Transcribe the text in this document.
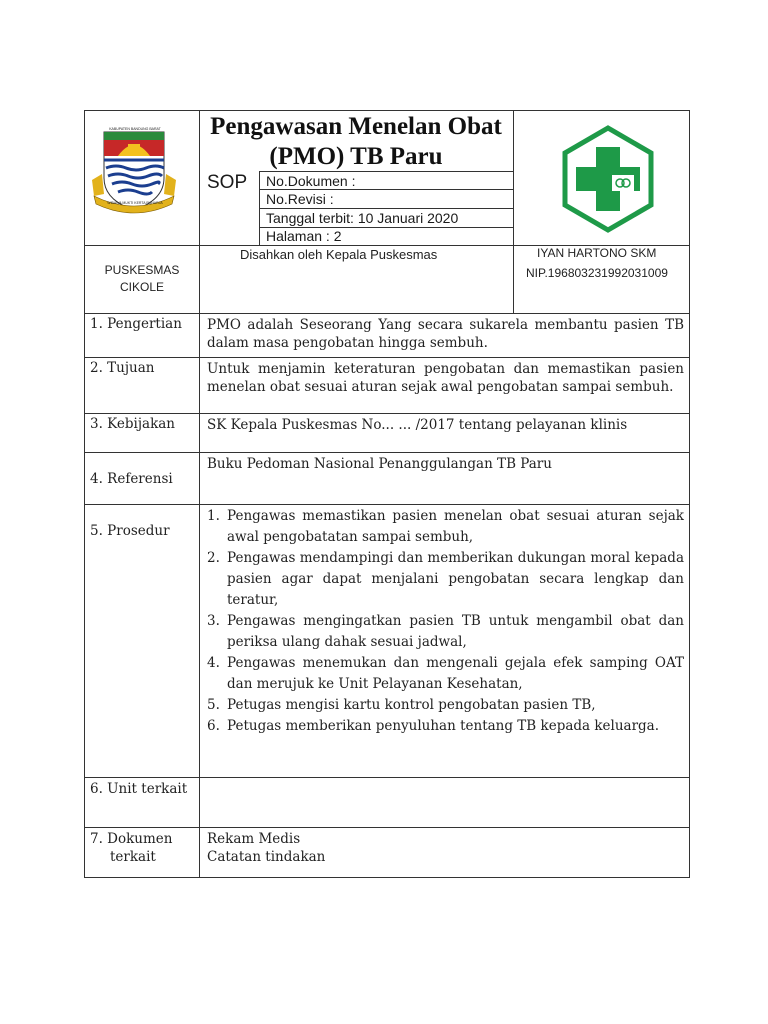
KABUPATEN BANDUNG BARAT
WIBAWA MUKTI KERTA RAHARJA
Pengawasan Menelan Obat
(PMO) TB Paru
SOP No.Dokumen :
No.Revisi :
Tanggal terbit: 10 Januari 2020
Halaman : 2
PUSKESMAS
CIKOLE
Disahkan oleh Kepala Puskesmas	IYAN HARTONO SKM
NIP.196803231992031009
1. Pengertian PMO adalah Seseorang Yang secara sukarela membantu pasien TB dalam masa pengobatan hingga sembuh.
2. Tujuan	Untuk menjamin keteraturan pengobatan dan memastikan pasien menelan obat sesuai aturan sejak awal pengobatan sampai sembuh.
3. Kebijakan SK Kepala Puskesmas No... ... /2017 tentang pelayanan klinis
4. Referensi
Buku Pedoman Nasional Penanggulangan TB Paru
5. Prosedur
1. Pengawas memastikan pasien menelan obat sesuai aturan sejak awal pengobatatan sampai sembuh,
2. Pengawas mendampingi dan memberikan dukungan moral kepada pasien agar dapat menjalani pengobatan secara lengkap dan teratur,
3. Pengawas mengingatkan pasien TB untuk mengambil obat dan periksa ulang dahak sesuai jadwal,
4. Pengawas menemukan dan mengenali gejala efek samping OAT dan merujuk ke Unit Pelayanan Kesehatan,
5. Petugas mengisi kartu kontrol pengobatan pasien TB,
6. Petugas memberikan penyuluhan tentang TB kepada keluarga.
6. Unit terkait
7. Dokumen
terkait
Rekam Medis
Catatan tindakan
